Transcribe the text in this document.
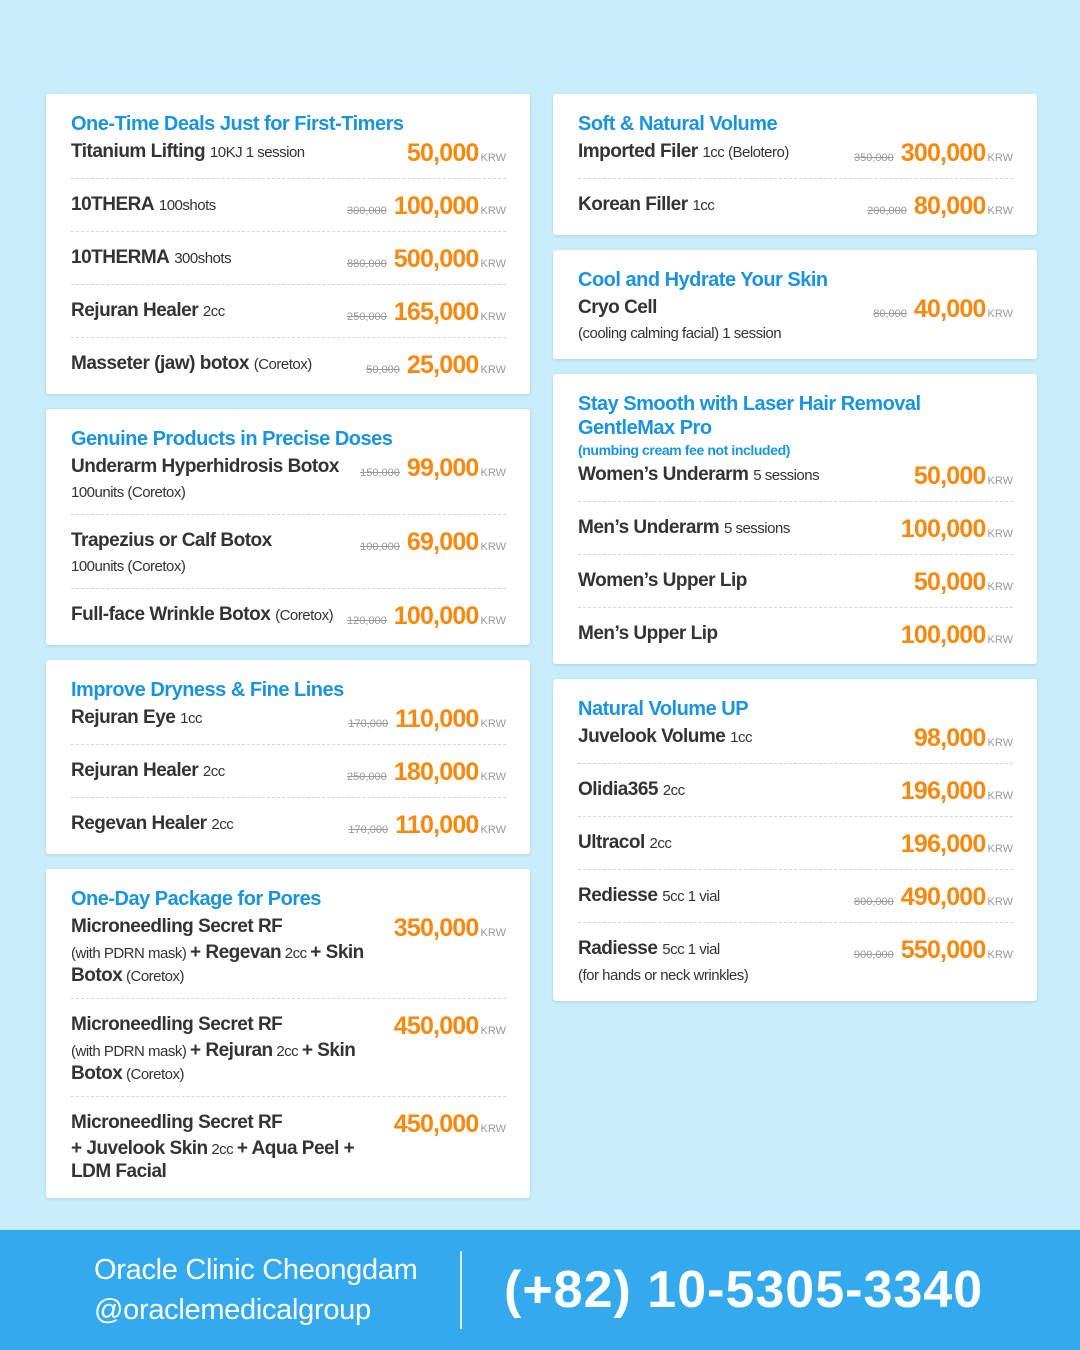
One-Time Deals Just for First-Timers
Titanium Lifting 10KJ 1 session	50,000 KRW
10THERA 100shots	300,000 100,000 KRW
10THERMA 300shots	880,000 500,000 KRW
Rejuran Healer 2cc	250,000 165,000 KRW
Masseter (jaw) botox (Coretox)	50,000 25,000 KRW
Genuine Products in Precise Doses
Underarm Hyperhidrosis Botox
100units (Coretox)
150,000 99,000 KRW
Trapezius or Calf Botox
100units (Coretox)
100,000 69,000 KRW
Full-face Wrinkle Botox (Coretox) 120,000 100,000 KRW
Improve Dryness & Fine Lines
Rejuran Eye 1cc	170,000 110,000 KRW
Rejuran Healer 2cc	250,000 180,000 KRW
Regevan Healer 2cc	170,000 110,000 KRW
One-Day Package for Pores
Microneedling Secret RF
(with PDRN mask) + Regevan 2cc + Skin Botox (Coretox)
350,000 KRW
Microneedling Secret RF
(with PDRN mask) + Rejuran 2cc + Skin Botox (Coretox)
450,000 KRW
Microneedling Secret RF
+ Juvelook Skin 2cc + Aqua Peel + LDM Facial
450,000 KRW
Soft & Natural Volume
Imported Filer 1cc (Belotero)	350,000 300,000 KRW
Korean Filler 1cc	200,000 80,000 KRW
Cool and Hydrate Your Skin
Cryo Cell
(cooling calming facial) 1 session
80,000 40,000 KRW
Stay Smooth with Laser Hair Removal GentleMax Pro
(numbing cream fee not included)
Women’s Underarm 5 sessions	50,000 KRW
Men’s Underarm 5 sessions	100,000 KRW
Women’s Upper Lip	50,000 KRW
Men’s Upper Lip	100,000 KRW
Natural Volume UP
Juvelook Volume 1cc	98,000 KRW
Olidia365 2cc	196,000 KRW
Ultracol 2cc	196,000 KRW
Rediesse 5cc 1 vial	800,000 490,000 KRW
Radiesse 5cc 1 vial
(for hands or neck wrinkles)
900,000 550,000 KRW
Oracle Clinic Cheongdam
@oraclemedicalgroup	(+82) 10-5305-3340
